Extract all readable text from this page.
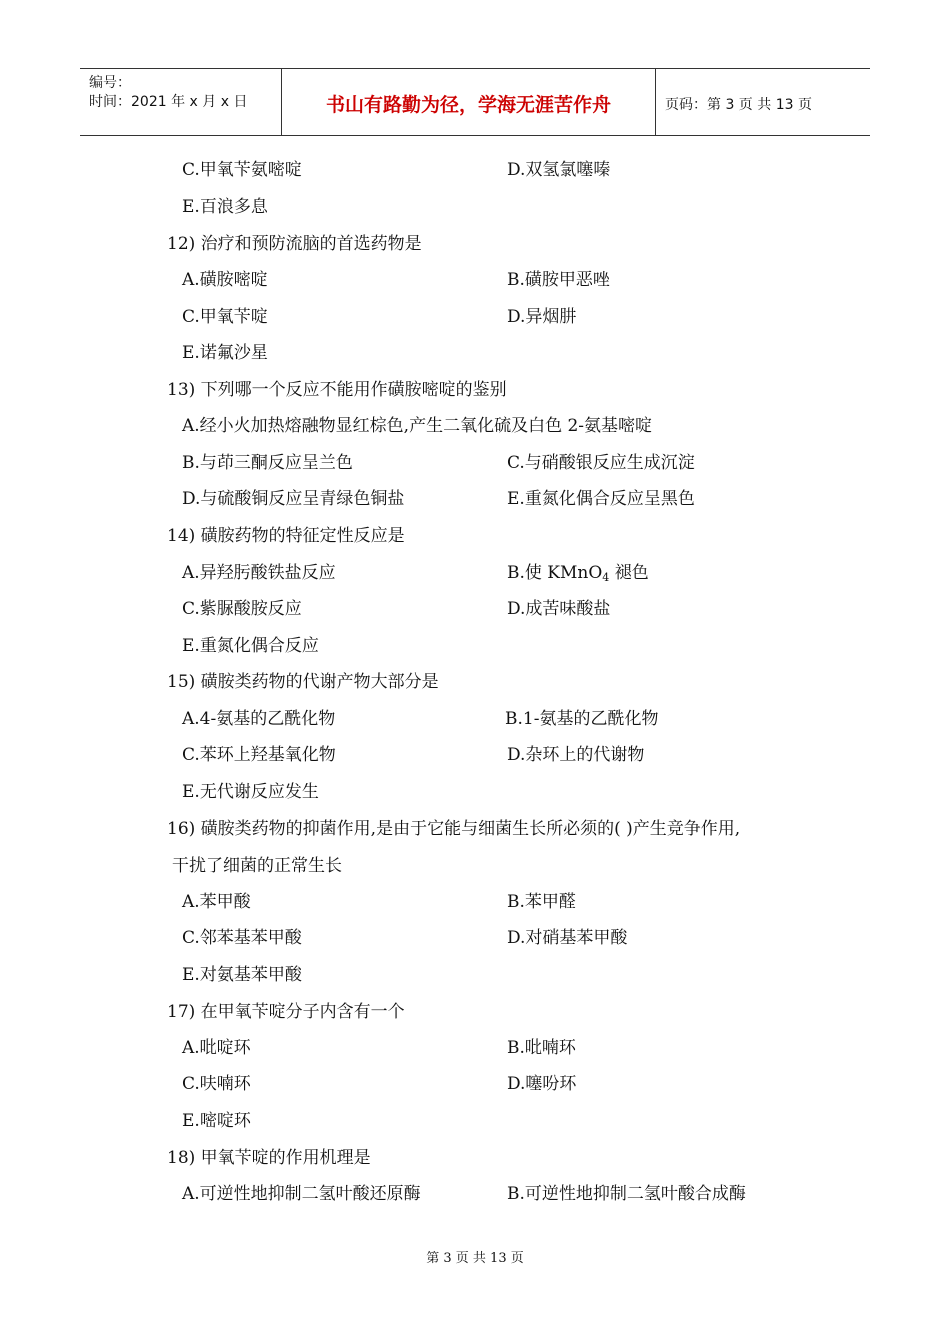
编号：
时间：2021 年 x 月 x 日	书山有路勤为径，学海无涯苦作舟	页码：第 3 页 共 13 页
C.甲氧苄氨嘧啶	D.双氢氯噻嗪
E.百浪多息
12) 治疗和预防流脑的首选药物是
A.磺胺嘧啶	B.磺胺甲恶唑
C.甲氧苄啶	D.异烟肼
E.诺氟沙星
13) 下列哪一个反应不能用作磺胺嘧啶的鉴别
A.经小火加热熔融物显红棕色,产生二氧化硫及白色 2-氨基嘧啶
B.与茚三酮反应呈兰色	C.与硝酸银反应生成沉淀
D.与硫酸铜反应呈青绿色铜盐	E.重氮化偶合反应呈黑色
14) 磺胺药物的特征定性反应是
A.异羟肟酸铁盐反应	B.使 KMnO$_4$ 褪色
C.紫脲酸胺反应	D.成苦味酸盐
E.重氮化偶合反应
15) 磺胺类药物的代谢产物大部分是
A.4-氨基的乙酰化物	B.1-氨基的乙酰化物
C.苯环上羟基氧化物	D.杂环上的代谢物
E.无代谢反应发生
16) 磺胺类药物的抑菌作用,是由于它能与细菌生长所必须的( )产生竞争作用,
干扰了细菌的正常生长
A.苯甲酸	B.苯甲醛
C.邻苯基苯甲酸	D.对硝基苯甲酸
E.对氨基苯甲酸
17) 在甲氧苄啶分子内含有一个
A.吡啶环	B.吡喃环
C.呋喃环	D.噻吩环
E.嘧啶环
18) 甲氧苄啶的作用机理是
A.可逆性地抑制二氢叶酸还原酶	B.可逆性地抑制二氢叶酸合成酶
第 3 页 共 13 页
